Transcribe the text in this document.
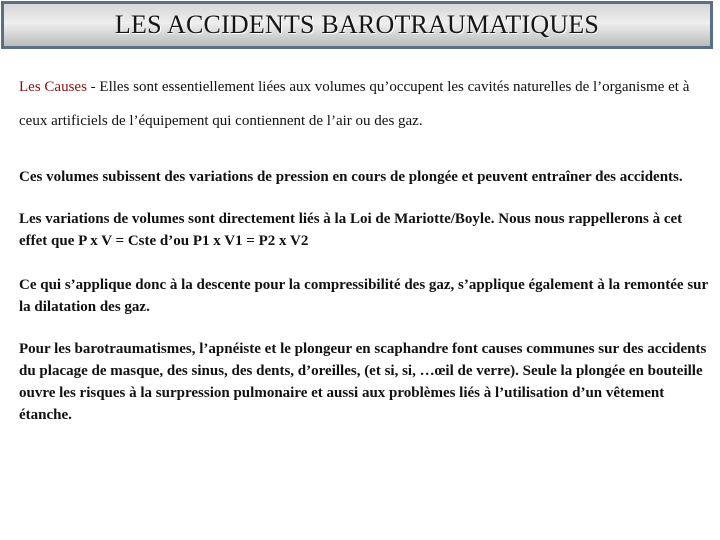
LES ACCIDENTS BAROTRAUMATIQUES

Les Causes - Elles sont essentiellement liées aux volumes qu’occupent les cavités naturelles de l’organisme et à ceux artificiels de l’équipement qui contiennent de l’air ou des gaz.

Ces volumes subissent des variations de pression en cours de plongée et peuvent entraîner des accidents.

Les variations de volumes sont directement liés à la Loi de Mariotte/Boyle. Nous nous rappellerons à cet effet que P x V = Cste d’ou P1 x V1 = P2 x V2

Ce qui s’applique donc à la descente pour la compressibilité des gaz, s’applique également à la remontée sur la dilatation des gaz.

Pour les barotraumatismes, l’apnéiste et le plongeur en scaphandre font causes communes sur des accidents du placage de masque, des sinus, des dents, d’oreilles, (et si, si, …œil de verre). Seule la plongée en bouteille ouvre les risques à la surpression pulmonaire et aussi aux problèmes liés à l’utilisation d’un vêtement étanche.
